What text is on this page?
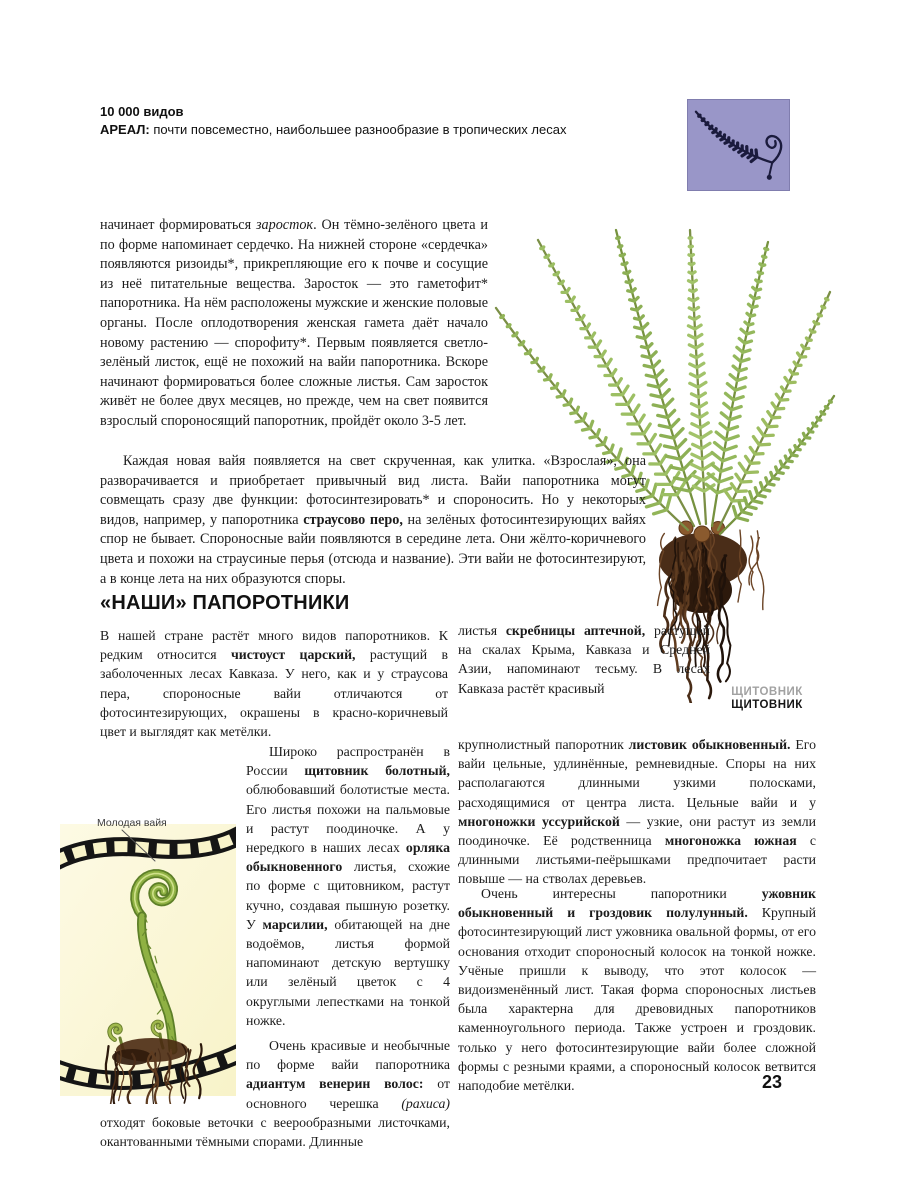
10 000 видов
АРЕАЛ: почти повсеместно, наибольшее разнообразие в тропических лесах
начинает формироваться заросток. Он тёмно-зелёного цвета и по форме напоминает сердечко. На нижней стороне «сердечка» появляются ризоиды*, прикрепляющие его к почве и сосущие из неё питательные вещества. Заросток — это гаметофит* папоротника. На нём расположены мужские и женские половые органы. После оплодотворения женская гамета даёт начало новому растению — спорофиту*. Первым появляется светло-зелёный листок, ещё не похожий на вайи папоротника. Вскоре начинают формироваться более сложные листья. Сам заросток живёт не более двух месяцев, но прежде, чем на свет появится взрослый спороносящий папоротник, пройдёт около 3-5 лет.
Каждая новая вайя появляется на свет скрученная, как улитка. «Взрослая», она разворачивается и приобретает привычный вид листа. Вайи папоротника могут совмещать сразу две функции: фотосинтезировать* и спороносить. Но у некоторых видов, например, у папоротника страусово перо, на зелёных фотосинтезирующих вайях спор не бывает. Спороносные вайи появляются в середине лета. Они жёлто-коричневого цвета и похожи на страусиные перья (отсюда и название). Эти вайи не фотосинтезируют, а в конце лета на них образуются споры.
«НАШИ» ПАПОРОТНИКИ
В нашей стране растёт много видов папоротников. К редким относится чистоуст царский, растущий в заболоченных лесах Кавказа. У него, как и у страусова пера, спороносные вайи отличаются от фотосинтезирующих, окрашены в красно-коричневый цвет и выглядят как метёлки.

Широко распространён в России щитовник болотный, облюбовавший болотистые места. Его листья похожи на пальмовые и растут поодиночке. А у нередкого в наших лесах орляка обыкновенного листья, схожие по форме с щитовником, растут кучно, создавая пышную розетку. У марсилии, обитающей на дне водоёмов, листья формой напоминают детскую вертушку или зелёный цветок с 4 округлыми лепестками на тонкой ножке.

Очень красивые и необычные по форме вайи папоротника адиантум венерин волос: от основного черешка (рахиса) отходят боковые веточки с веерообразными листочками, окантованными тёмными спорами. Длинные

листья скребницы аптечной, растущей на скалах Крыма, Кавказа и Средней Азии, напоминают тесьму. В лесах Кавказа растёт красивый
крупнолистный папоротник листовик обыкновенный. Его вайи цельные, удлинённые, ремневидные. Споры на них располагаются длинными узкими полосками, расходящимися от центра листа. Цельные вайи и у многоножки уссурийской — узкие, они растут из земли поодиночке. Её родственница многоножка южная с длинными листьями-пеёрышками предпочитает расти повыше — на стволах деревьев.
Очень интересны папоротники ужовник обыкновенный и гроздовик полулунный. Крупный фотосинтезирующий лист ужовника овальной формы, от его основания отходит спороносный колосок на тонкой ножке. Учёные пришли к выводу, что этот колосок — видоизменённый лист. Такая форма спороносных листьев была характерна для древовидных папоротников каменноугольного периода. Также устроен и гроздовик. только у него фотосинтезирующие вайи более сложной формы с резными краями, а спороносный колосок ветвится наподобие метёлки.
Молодая вайя
ЩИТОВНИК
ЩИТОВНИК
23
